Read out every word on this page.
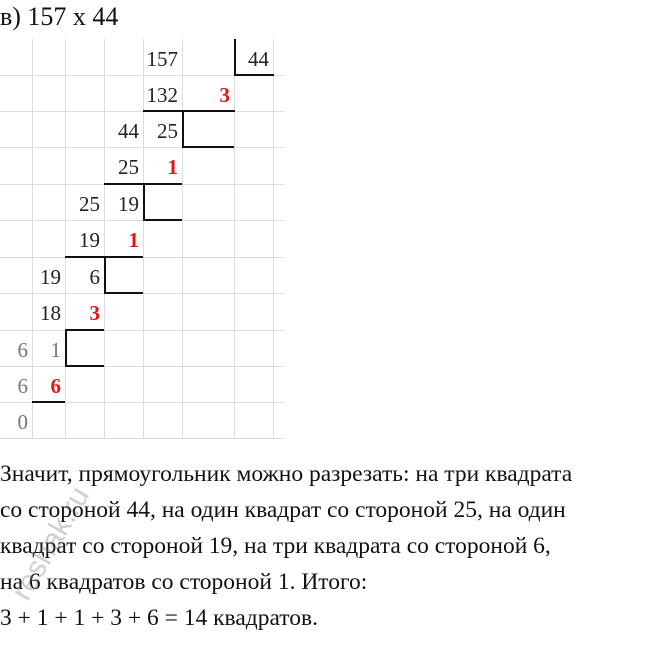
в) 157 х 44
157	44
132	3
44 25
25	1
25 19
19	1
19	6
18	3
6	1
6	6
0
Значит, прямоугольник можно разрезать: на три квадрата
со стороной 44, на один квадрат со стороной 25, на один
квадрат со стороной 19, на три квадрата со стороной 6,
на 6 квадратов со стороной 1. Итого:
3 + 1 + 1 + 3 + 6 = 14 квадратов.
reshak.ru
